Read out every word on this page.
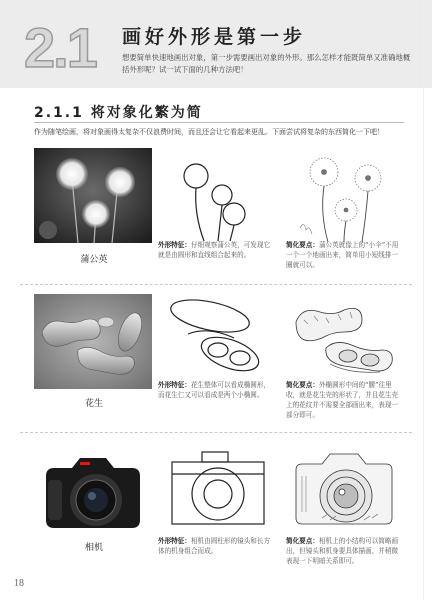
2.1 画好外形是第一步
想要简单快速地画出对象，第一步需要画出对象的外形。那么怎样才能既简单又准确地概括外形呢？试一试下面的几种方法吧！
2.1.1 将对象化繁为简
作为随笔绘画，将对象画得太复杂不仅浪费时间，而且还会让它看起来更乱。下面尝试将复杂的东西简化一下吧！
蒲公英
外形特征：仔细观察蒲公英，可发现它就是由圆形和直线组合起来的。
简化要点：蒲公英就像上的“小伞”不用一个一个地画出来，简单用小短线排一圈就可以。
花生
外形特征：花生整体可以看成椭圆形，而花生仁又可以看成是两个小椭圆。
简化要点：外椭圆形中间的“腰”往里收，就是花生壳的形状了，并且花生壳上的花纹并不需要全部画出来，表现一部分即可。
相机
外形特征：相机由圆柱形的镜头和长方体的机身组合而成。
简化要点：相机上的小结构可以简略画出，但镜头和机身要具体描画，并稍微表现一下明暗关系即可。
18
